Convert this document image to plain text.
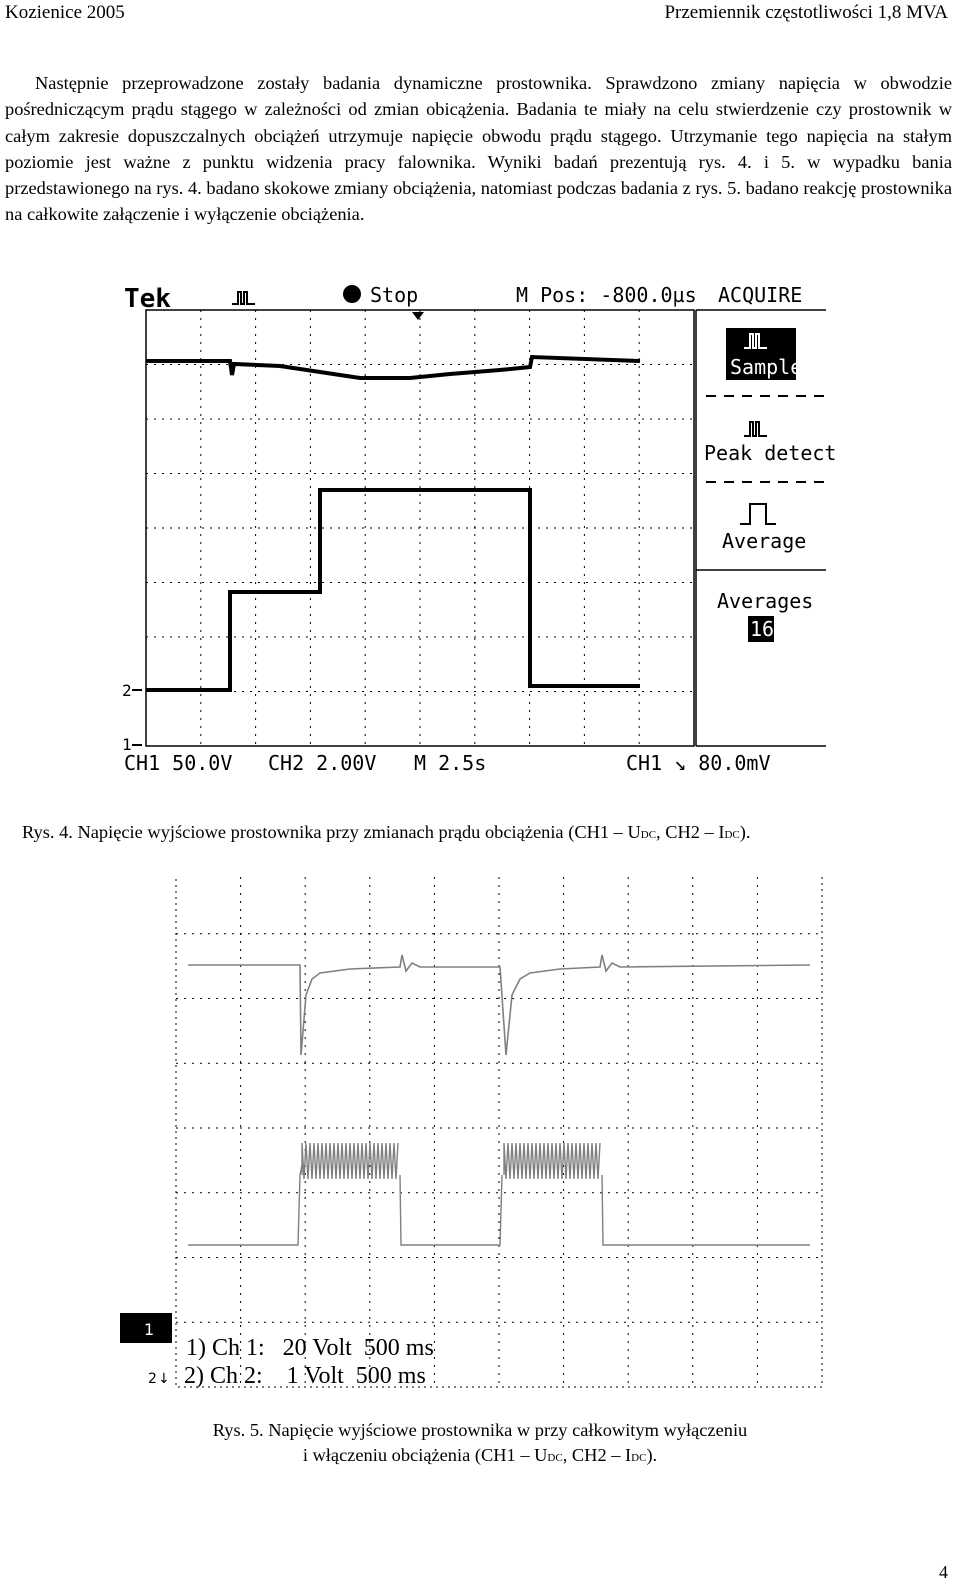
Kozienice 2005	Przemiennik częstotliwości 1,8 MVA

Następnie przeprowadzone zostały badania dynamiczne prostownika. Sprawdzono zmiany napięcia w obwodzie pośredniczącym prądu stągego w zależności od zmian obicążenia. Badania te miały na celu stwierdzenie czy prostownik w całym zakresie dopuszczalnych obciążeń utrzymuje napięcie obwodu prądu stągego. Utrzymanie tego napięcia na stałym poziomie jest ważne z punktu widzenia pracy falownika. Wyniki badań prezentują rys. 4. i 5. w wypadku bania przedstawionego na rys. 4. badano skokowe zmiany obciążenia, natomiast podczas badania z rys. 5. badano reakcję prostownika na całkowite załączenie i wyłączenie obciążenia.

Tek	Stop	M Pos: -800.0µs ACQUIRE
2
1
Sample
Peak detect
Average
Averages
16
CH1 50.0V CH2 2.00V M 2.5s	CH1 ↘ 80.0mV
Rys. 4. Napięcie wyjściowe prostownika przy zmianach prądu obciążenia (CH1 – UDC, CH2 – IDC).
1
2 ↓
1) Ch 1:   20 Volt  500 ms
2) Ch 2:    1 Volt  500 ms
Rys. 5. Napięcie wyjściowe prostownika w przy całkowitym wyłączeniu
i włączeniu obciążenia (CH1 – UDC, CH2 – IDC).
4
